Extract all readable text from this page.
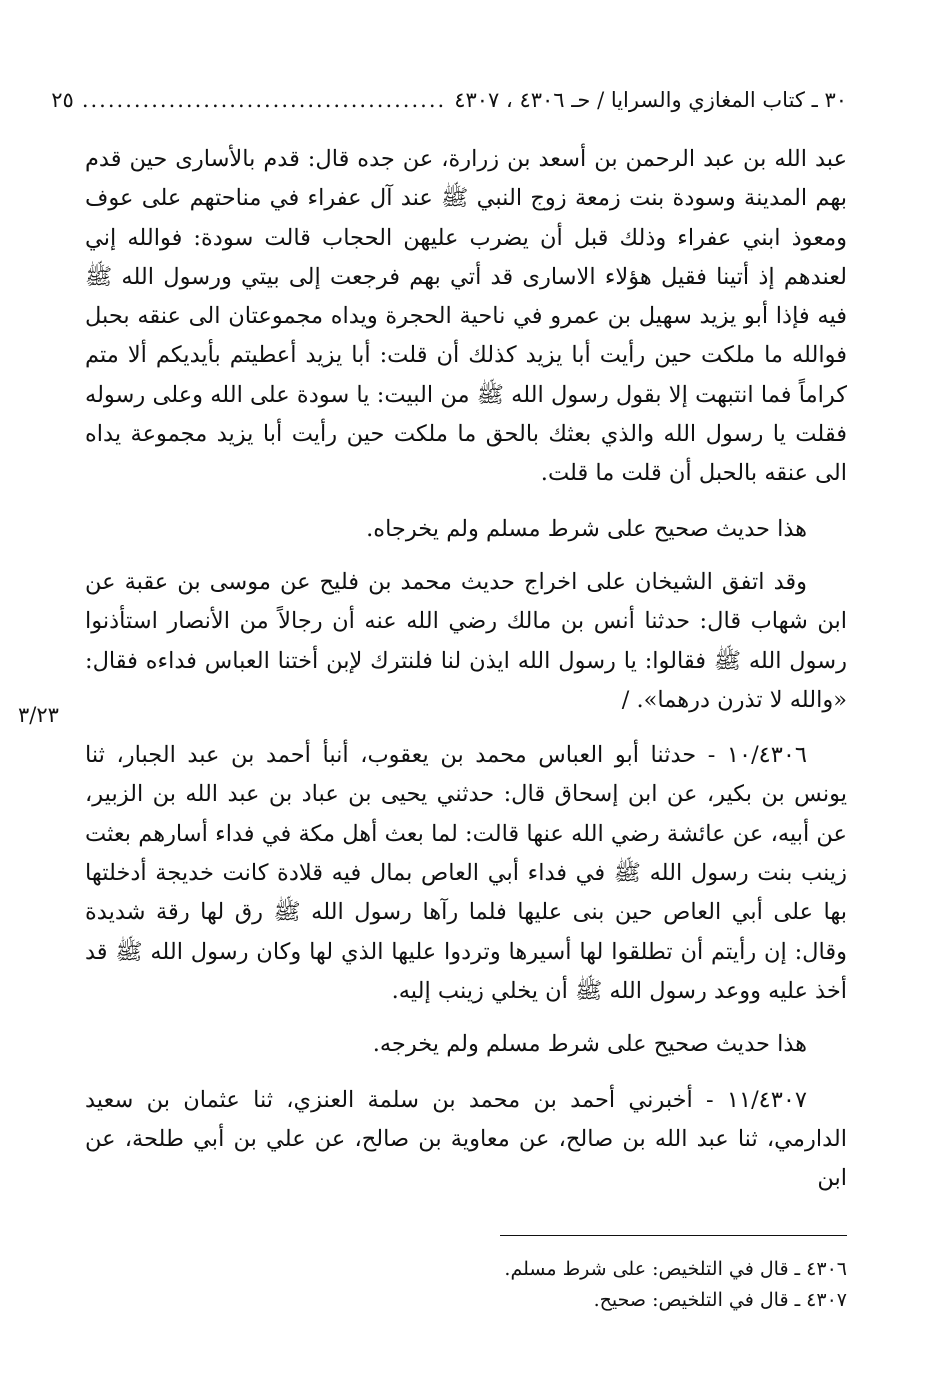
٣٠ ـ كتاب المغازي والسرايا / حـ ٤٣٠٦ ، ٤٣٠٧
..........................................
٢٥

عبد الله بن عبد الرحمن بن أسعد بن زرارة، عن جده قال: قدم بالأسارى حين قدم بهم المدينة وسودة بنت زمعة زوج النبي ﷺ عند آل عفراء في مناحتهم على عوف ومعوذ ابني عفراء وذلك قبل أن يضرب عليهن الحجاب قالت سودة: فوالله إني لعندهم إذ أتينا فقيل هؤلاء الاسارى قد أتي بهم فرجعت إلى بيتي ورسول الله ﷺ فيه فإذا أبو يزيد سهيل بن عمرو في ناحية الحجرة ويداه مجموعتان الى عنقه بحبل فوالله ما ملكت حين رأيت أبا يزيد كذلك أن قلت: أبا يزيد أعطيتم بأيديكم ألا متم كراماً فما انتبهت إلا بقول رسول الله ﷺ من البيت: يا سودة على الله وعلى رسوله فقلت يا رسول الله والذي بعثك بالحق ما ملكت حين رأيت أبا يزيد مجموعة يداه الى عنقه بالحبل أن قلت ما قلت.

هذا حديث صحيح على شرط مسلم ولم يخرجاه.

وقد اتفق الشيخان على اخراج حديث محمد بن فليح عن موسى بن عقبة عن ابن شهاب قال: حدثنا أنس بن مالك رضي الله عنه أن رجالاً من الأنصار استأذنوا رسول الله ﷺ فقالوا: يا رسول الله ايذن لنا فلنترك لإبن أختنا العباس فداءه فقال: «والله لا تذرن درهما». /

١٠/٤٣٠٦ - حدثنا أبو العباس محمد بن يعقوب، أنبأ أحمد بن عبد الجبار، ثنا يونس بن بكير، عن ابن إسحاق قال: حدثني يحيى بن عباد بن عبد الله بن الزبير، عن أبيه، عن عائشة رضي الله عنها قالت: لما بعث أهل مكة في فداء أسارهم بعثت زينب بنت رسول الله ﷺ في فداء أبي العاص بمال فيه قلادة كانت خديجة أدخلتها بها على أبي العاص حين بنى عليها فلما رآها رسول الله ﷺ رق لها رقة شديدة وقال: إن رأيتم أن تطلقوا لها أسيرها وتردوا عليها الذي لها وكان رسول الله ﷺ قد أخذ عليه ووعد رسول الله ﷺ أن يخلي زينب إليه.

هذا حديث صحيح على شرط مسلم ولم يخرجه.

١١/٤٣٠٧ - أخبرني أحمد بن محمد بن سلمة العنزي، ثنا عثمان بن سعيد الدارمي، ثنا عبد الله بن صالح، عن معاوية بن صالح، عن علي بن أبي طلحة، عن ابن

٣/٢٣

٤٣٠٦ ـ قال في التلخيص: على شرط مسلم.

٤٣٠٧ ـ قال في التلخيص: صحيح.
